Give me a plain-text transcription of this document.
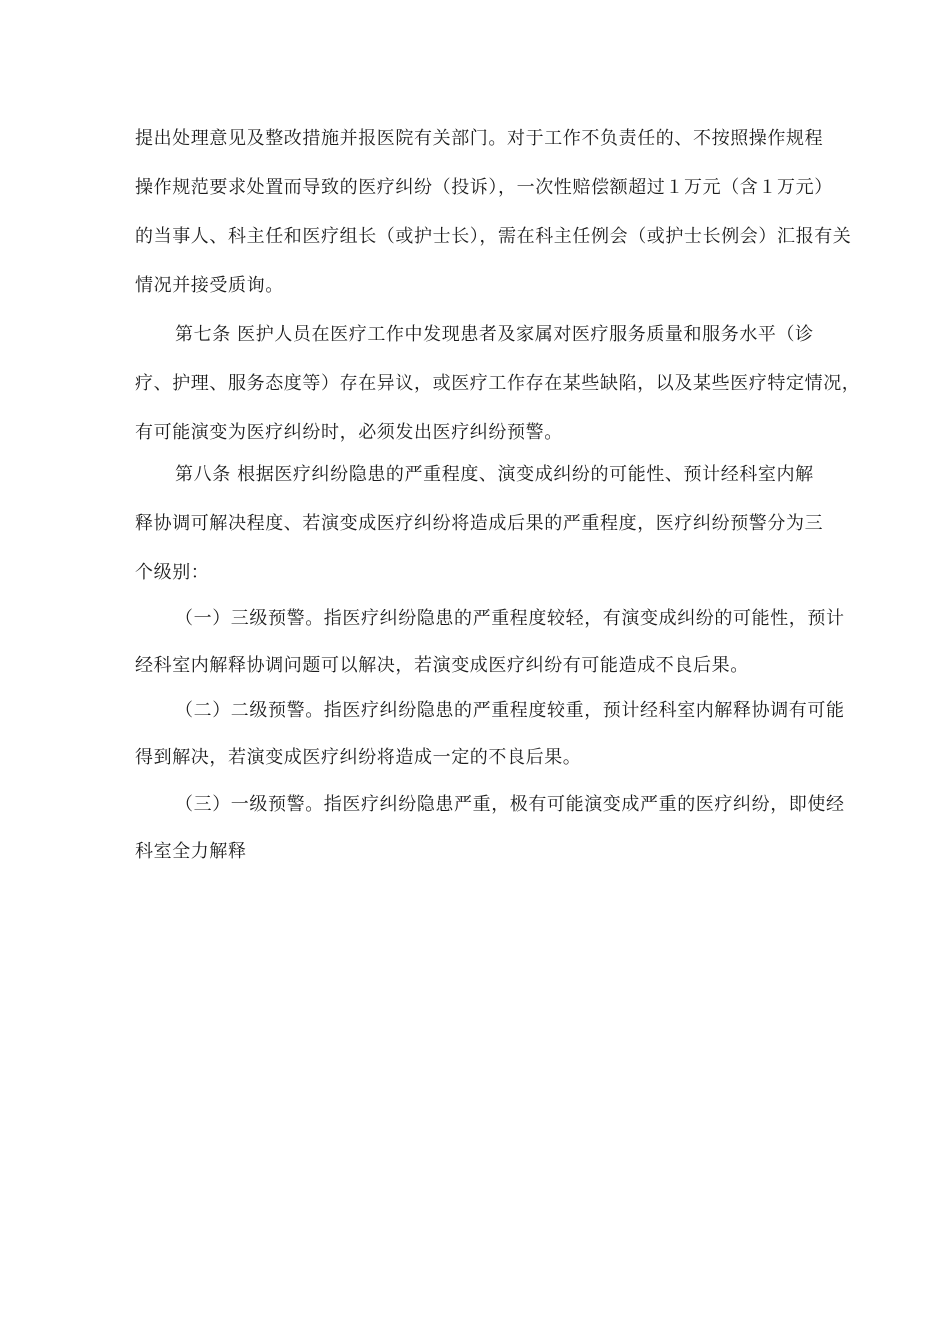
提出处理意见及整改措施并报医院有关部门。对于工作不负责任的、不按照操作规程
操作规范要求处置而导致的医疗纠纷（投诉），一次性赔偿额超过１万元（含１万元）
的当事人、科主任和医疗组长（或护士长），需在科主任例会（或护士长例会）汇报有关
情况并接受质询。
第七条 医护人员在医疗工作中发现患者及家属对医疗服务质量和服务水平（诊
疗、护理、服务态度等）存在异议，或医疗工作存在某些缺陷，以及某些医疗特定情况，
有可能演变为医疗纠纷时，必须发出医疗纠纷预警。
第八条 根据医疗纠纷隐患的严重程度、演变成纠纷的可能性、预计经科室内解
释协调可解决程度、若演变成医疗纠纷将造成后果的严重程度，医疗纠纷预警分为三
个级别：
（一）三级预警。指医疗纠纷隐患的严重程度较轻，有演变成纠纷的可能性，预计
经科室内解释协调问题可以解决，若演变成医疗纠纷有可能造成不良后果。
（二）二级预警。指医疗纠纷隐患的严重程度较重，预计经科室内解释协调有可能
得到解决，若演变成医疗纠纷将造成一定的不良后果。
（三）一级预警。指医疗纠纷隐患严重，极有可能演变成严重的医疗纠纷，即使经
科室全力解释
